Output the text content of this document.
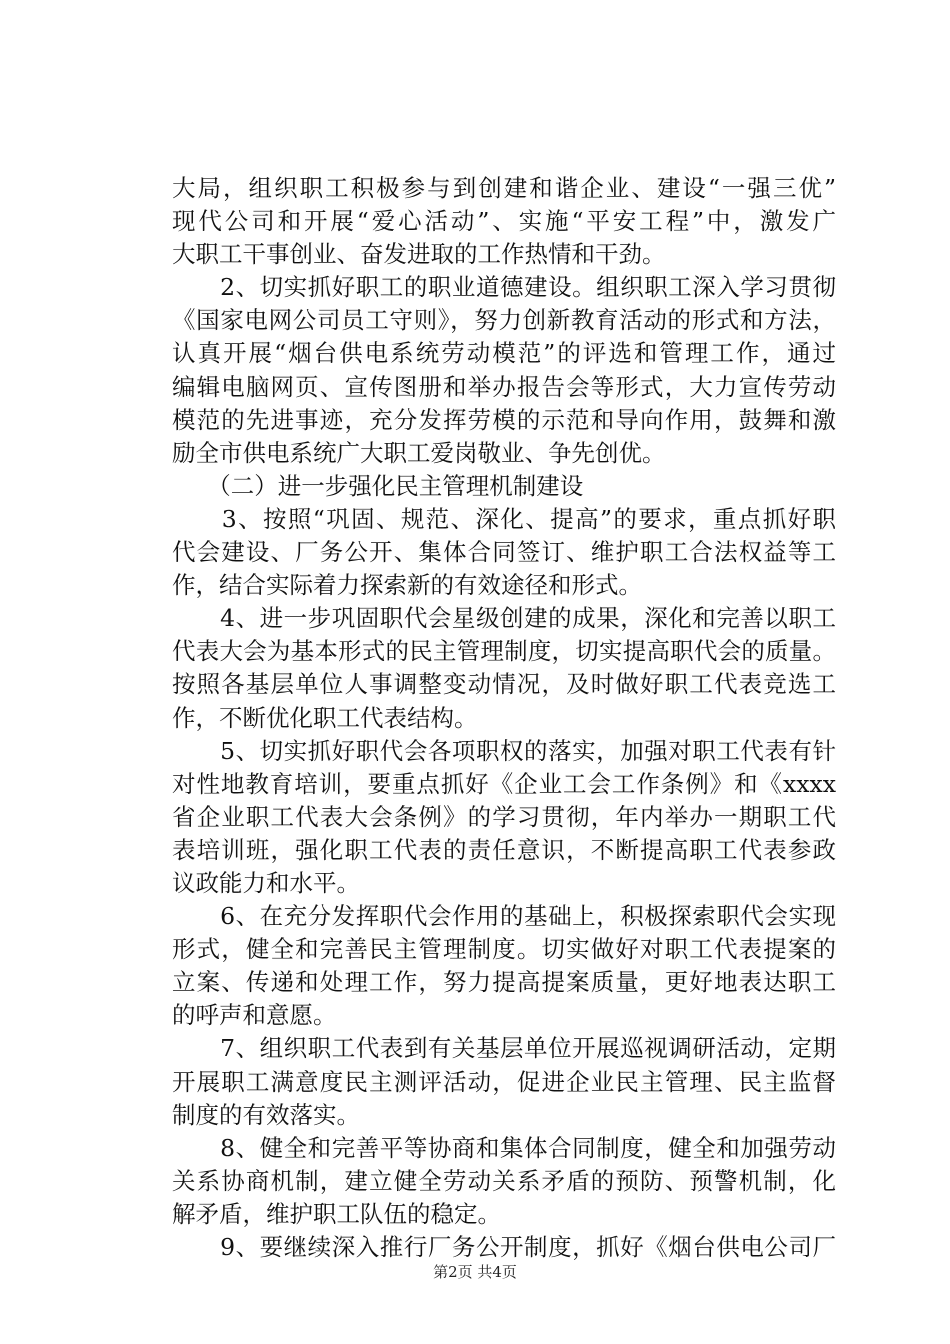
大局，组织职工积极参与到创建和谐企业、建设“一强三优”
现代公司和开展“爱心活动”、实施“平安工程”中，激发广
大职工干事创业、奋发进取的工作热情和干劲。
　　2、切实抓好职工的职业道德建设。组织职工深入学习贯彻
《国家电网公司员工守则》，努力创新教育活动的形式和方法，
认真开展“烟台供电系统劳动模范”的评选和管理工作，通过
编辑电脑网页、宣传图册和举办报告会等形式，大力宣传劳动
模范的先进事迹，充分发挥劳模的示范和导向作用，鼓舞和激
励全市供电系统广大职工爱岗敬业、争先创优。
　　（二）进一步强化民主管理机制建设
　　3、按照“巩固、规范、深化、提高”的要求，重点抓好职
代会建设、厂务公开、集体合同签订、维护职工合法权益等工
作，结合实际着力探索新的有效途径和形式。
　　4、进一步巩固职代会星级创建的成果，深化和完善以职工
代表大会为基本形式的民主管理制度，切实提高职代会的质量。
按照各基层单位人事调整变动情况，及时做好职工代表竞选工
作，不断优化职工代表结构。
　　5、切实抓好职代会各项职权的落实，加强对职工代表有针
对性地教育培训，要重点抓好《企业工会工作条例》和《xxxx
省企业职工代表大会条例》的学习贯彻，年内举办一期职工代
表培训班，强化职工代表的责任意识，不断提高职工代表参政
议政能力和水平。
　　6、在充分发挥职代会作用的基础上，积极探索职代会实现
形式，健全和完善民主管理制度。切实做好对职工代表提案的
立案、传递和处理工作，努力提高提案质量，更好地表达职工
的呼声和意愿。
　　7、组织职工代表到有关基层单位开展巡视调研活动，定期
开展职工满意度民主测评活动，促进企业民主管理、民主监督
制度的有效落实。
　　8、健全和完善平等协商和集体合同制度，健全和加强劳动
关系协商机制，建立健全劳动关系矛盾的预防、预警机制，化
解矛盾，维护职工队伍的稳定。
　　9、要继续深入推行厂务公开制度，抓好《烟台供电公司厂
第2页 共4页
